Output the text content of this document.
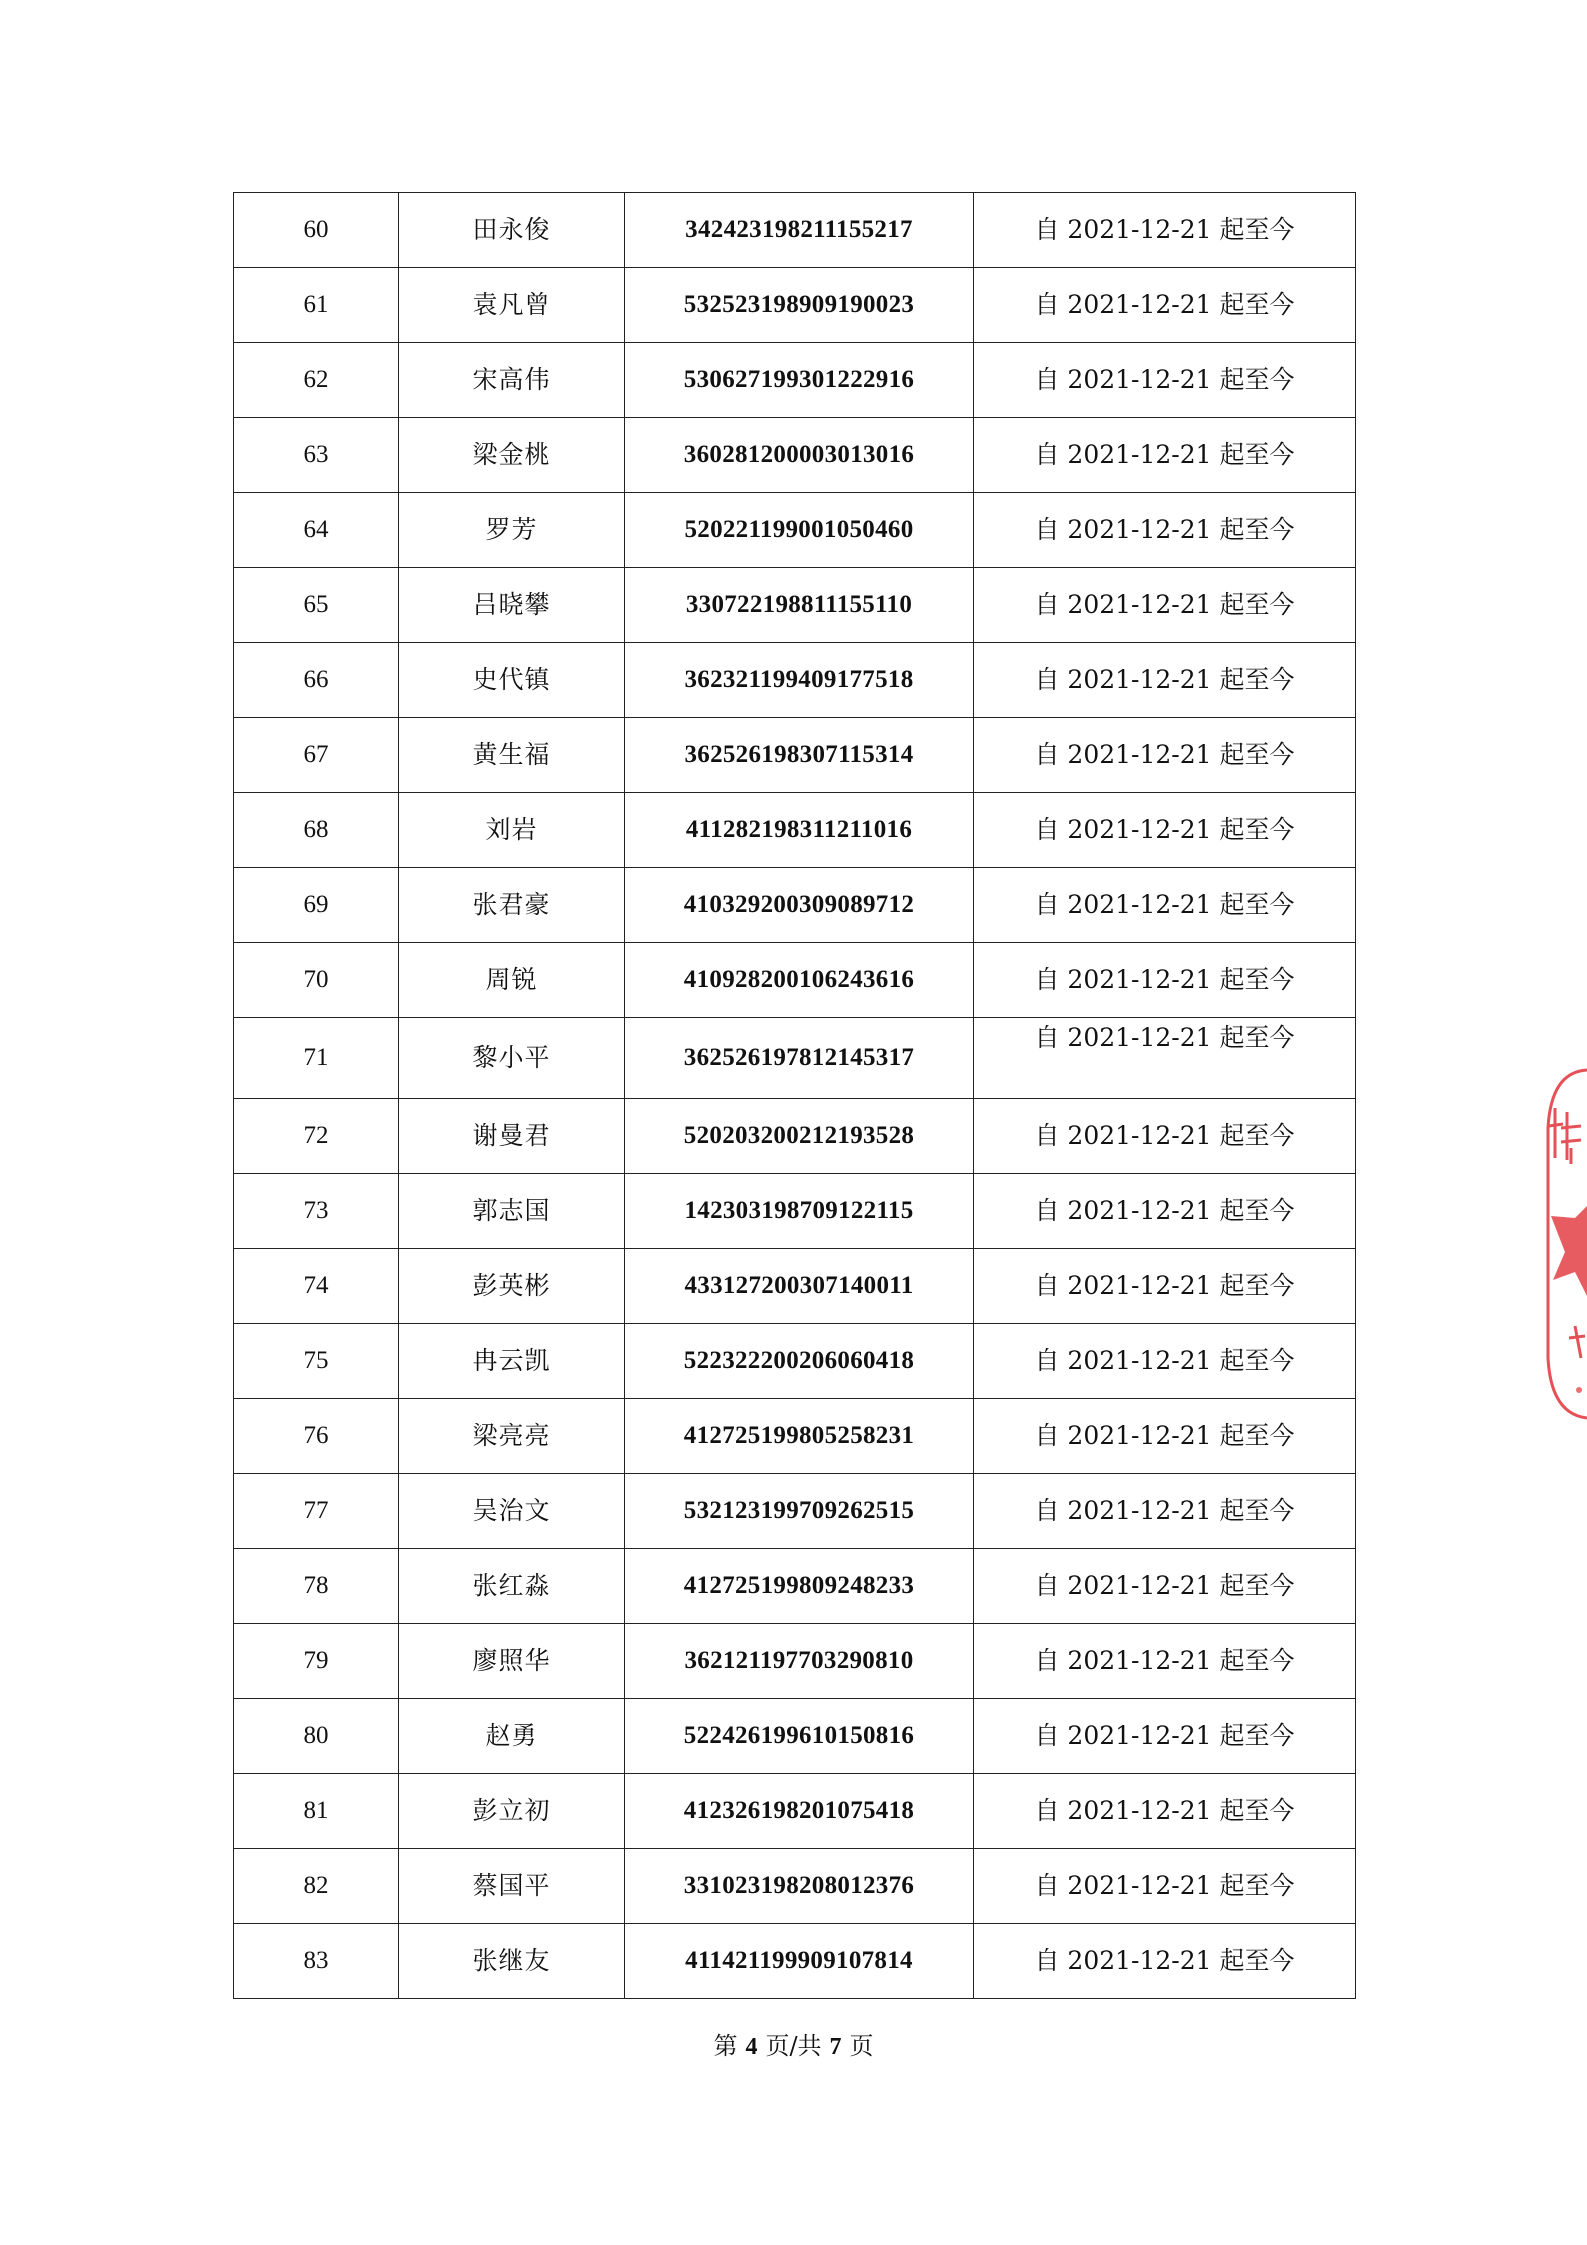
60	田永俊	342423198211155217	自 2021-12-21 起至今
61	袁凡曾	532523198909190023	自 2021-12-21 起至今
62	宋高伟	530627199301222916	自 2021-12-21 起至今
63	梁金桃	360281200003013016	自 2021-12-21 起至今
64	罗芳	520221199001050460	自 2021-12-21 起至今
65	吕晓攀	330722198811155110	自 2021-12-21 起至今
66	史代镇	362321199409177518	自 2021-12-21 起至今
67	黄生福	362526198307115314	自 2021-12-21 起至今
68	刘岩	411282198311211016	自 2021-12-21 起至今
69	张君豪	410329200309089712	自 2021-12-21 起至今
70	周锐	410928200106243616	自 2021-12-21 起至今
71	黎小平	362526197812145317	自 2021-12-21 起至今
72	谢曼君	520203200212193528	自 2021-12-21 起至今
73	郭志国	142303198709122115	自 2021-12-21 起至今
74	彭英彬	433127200307140011	自 2021-12-21 起至今
75	冉云凯	522322200206060418	自 2021-12-21 起至今
76	梁亮亮	412725199805258231	自 2021-12-21 起至今
77	吴治文	532123199709262515	自 2021-12-21 起至今
78	张红淼	412725199809248233	自 2021-12-21 起至今
79	廖照华	362121197703290810	自 2021-12-21 起至今
80	赵勇	522426199610150816	自 2021-12-21 起至今
81	彭立初	412326198201075418	自 2021-12-21 起至今
82	蔡国平	331023198208012376	自 2021-12-21 起至今
83	张继友	411421199909107814	自 2021-12-21 起至今
第 4 页/共 7 页
